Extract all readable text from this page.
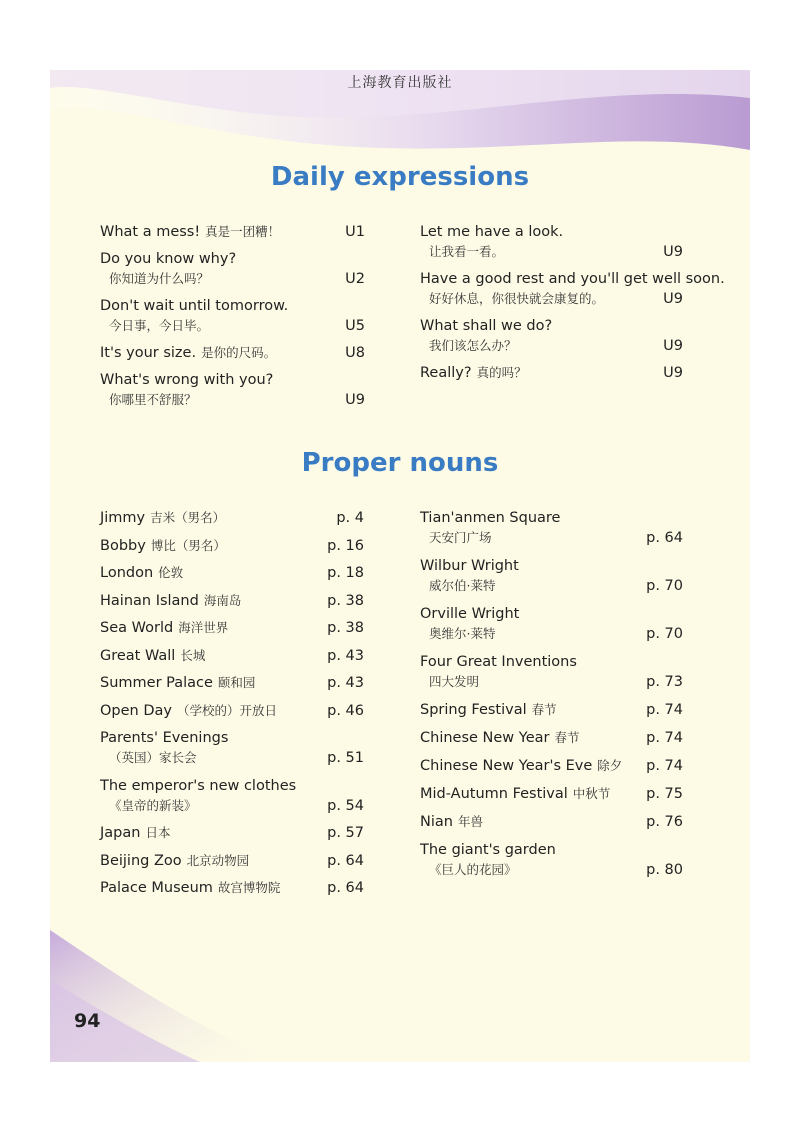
上海教育出版社
Daily expressions
What a mess! 真是一团糟！	U1
Do you know why?
你知道为什么吗？	U2
Don't wait until tomorrow.
今日事，今日毕。	U5
It's your size. 是你的尺码。	U8
What's wrong with you?
你哪里不舒服？	U9
Let me have a look.
让我看一看。	U9
Have a good rest and you'll get well soon.
好好休息，你很快就会康复的。	U9
What shall we do?
我们该怎么办？	U9
Really? 真的吗？	U9
Proper nouns
Jimmy 吉米（男名）	p. 4
Bobby 博比（男名）	p. 16
London 伦敦	p. 18
Hainan Island 海南岛	p. 38
Sea World 海洋世界	p. 38
Great Wall 长城	p. 43
Summer Palace 颐和园	p. 43
Open Day （学校的）开放日	p. 46
Parents' Evenings
（英国）家长会	p. 51
The emperor's new clothes
《皇帝的新装》	p. 54
Japan 日本	p. 57
Beijing Zoo 北京动物园	p. 64
Palace Museum 故宫博物院	p. 64
Tian'anmen Square
天安门广场	p. 64
Wilbur Wright
威尔伯·莱特	p. 70
Orville Wright
奥维尔·莱特	p. 70
Four Great Inventions
四大发明	p. 73
Spring Festival 春节	p. 74
Chinese New Year 春节	p. 74
Chinese New Year's Eve 除夕	p. 74
Mid-Autumn Festival 中秋节	p. 75
Nian 年兽	p. 76
The giant's garden
《巨人的花园》	p. 80
94
